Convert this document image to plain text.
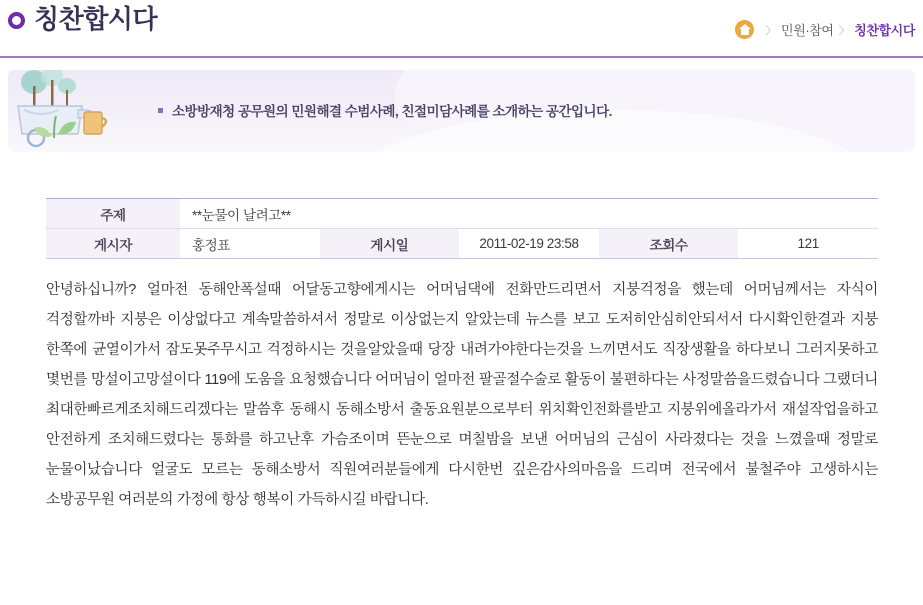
칭찬합시다	〉 민원·참여 〉 칭찬합시다
소방방재청 공무원의 민원해결 수범사례, 친절미담사례를 소개하는 공간입니다.
주제	**눈물이 날려고**				
게시자	홍정표	게시일	2011-02-19 23:58	조회수	121
안녕하십니까? 얼마전 동해안폭설때 어달동고향에게시는 어머님댁에 전화만드리면서 지붕걱정을 했는데 어머님께서는 자식이 걱정할까바 지붕은 이상없다고 계속말씀하셔서 정말로 이상없는지 알았는데 뉴스를 보고 도저히안심히안되서서 다시확인한결과 지붕 한쪽에 균열이가서 잠도못주무시고 걱정하시는 것을알았을때 당장 내려가야한다는것을 느끼면서도 직장생활을 하다보니 그러지못하고 몇번를 망설이고망설이다 119에 도움을 요청했습니다 어머님이 얼마전 팔골절수술로 활동이 불편하다는 사정말씀을드렸습니다 그랬더니 최대한빠르게조치해드리겠다는 말씀후 동해시 동해소방서 출동요원분으로부터 위치확인전화를받고 지붕위에올라가서 재설작업을하고 안전하게 조치해드렸다는 통화를 하고난후 가슴조이며 뜬눈으로 며칠밤을 보낸 어머님의 근심이 사라졌다는 것을 느꼈을때 정말로 눈물이났습니다 얼굴도 모르는 동해소방서 직원여러분들에게 다시한번 깊은감사의마음을 드리며 전국에서 불철주야 고생하시는 소방공무원 여러분의 가정에 항상 행복이 가득하시길 바랍니다.
